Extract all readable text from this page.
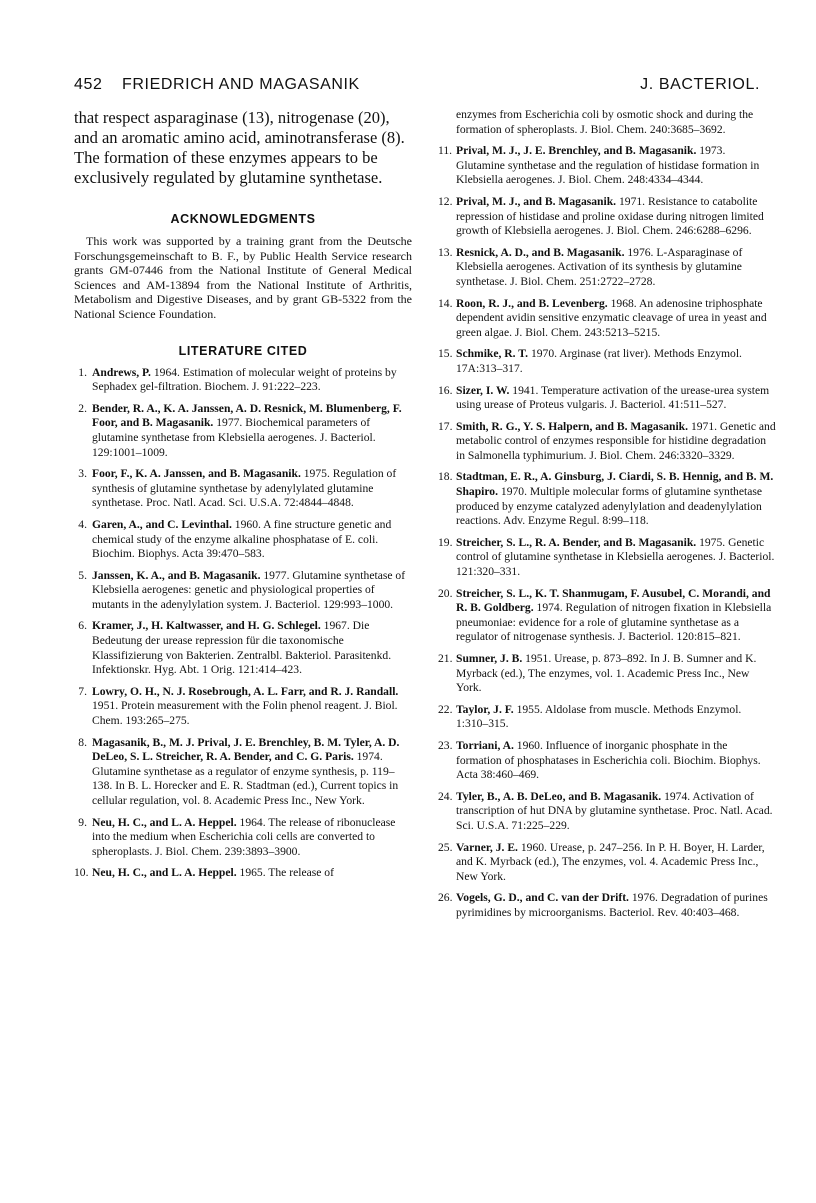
452 FRIEDRICH AND MAGASANIK	J. BACTERIOL.

that respect asparaginase (13), nitrogenase (20), and an aromatic amino acid, aminotransferase (8). The formation of these enzymes appears to be exclusively regulated by glutamine synthetase.

ACKNOWLEDGMENTS

This work was supported by a training grant from the Deutsche Forschungsgemeinschaft to B. F., by Public Health Service research grants GM-07446 from the National Institute of General Medical Sciences and AM-13894 from the National Institute of Arthritis, Metabolism and Digestive Diseases, and by grant GB-5322 from the National Science Foundation.

LITERATURE CITED
1. Andrews, P. 1964. Estimation of molecular weight of proteins by Sephadex gel-filtration. Biochem. J. 91:222–223.
2. Bender, R. A., K. A. Janssen, A. D. Resnick, M. Blumenberg, F. Foor, and B. Magasanik. 1977. Biochemical parameters of glutamine synthetase from Klebsiella aerogenes. J. Bacteriol. 129:1001–1009.
3. Foor, F., K. A. Janssen, and B. Magasanik. 1975. Regulation of synthesis of glutamine synthetase by adenylylated glutamine synthetase. Proc. Natl. Acad. Sci. U.S.A. 72:4844–4848.
4. Garen, A., and C. Levinthal. 1960. A fine structure genetic and chemical study of the enzyme alkaline phosphatase of E. coli. Biochim. Biophys. Acta 39:470–583.
5. Janssen, K. A., and B. Magasanik. 1977. Glutamine synthetase of Klebsiella aerogenes: genetic and physiological properties of mutants in the adenylylation system. J. Bacteriol. 129:993–1000.
6. Kramer, J., H. Kaltwasser, and H. G. Schlegel. 1967. Die Bedeutung der urease repression für die taxonomische Klassifizierung von Bakterien. Zentralbl. Bakteriol. Parasitenkd. Infektionskr. Hyg. Abt. 1 Orig. 121:414–423.
7. Lowry, O. H., N. J. Rosebrough, A. L. Farr, and R. J. Randall. 1951. Protein measurement with the Folin phenol reagent. J. Biol. Chem. 193:265–275.
8. Magasanik, B., M. J. Prival, J. E. Brenchley, B. M. Tyler, A. D. DeLeo, S. L. Streicher, R. A. Bender, and C. G. Paris. 1974. Glutamine synthetase as a regulator of enzyme synthesis, p. 119–138. In B. L. Horecker and E. R. Stadtman (ed.), Current topics in cellular regulation, vol. 8. Academic Press Inc., New York.
9. Neu, H. C., and L. A. Heppel. 1964. The release of ribonuclease into the medium when Escherichia coli cells are converted to spheroplasts. J. Biol. Chem. 239:3893–3900.
10. Neu, H. C., and L. A. Heppel. 1965. The release of

enzymes from Escherichia coli by osmotic shock and during the formation of spheroplasts. J. Biol. Chem. 240:3685–3692.

11. Prival, M. J., J. E. Brenchley, and B. Magasanik. 1973. Glutamine synthetase and the regulation of histidase formation in Klebsiella aerogenes. J. Biol. Chem. 248:4334–4344.
12. Prival, M. J., and B. Magasanik. 1971. Resistance to catabolite repression of histidase and proline oxidase during nitrogen limited growth of Klebsiella aerogenes. J. Biol. Chem. 246:6288–6296.
13. Resnick, A. D., and B. Magasanik. 1976. L-Asparaginase of Klebsiella aerogenes. Activation of its synthesis by glutamine synthetase. J. Biol. Chem. 251:2722–2728.
14. Roon, R. J., and B. Levenberg. 1968. An adenosine triphosphate dependent avidin sensitive enzymatic cleavage of urea in yeast and green algae. J. Biol. Chem. 243:5213–5215.
15. Schmike, R. T. 1970. Arginase (rat liver). Methods Enzymol. 17A:313–317.
16. Sizer, I. W. 1941. Temperature activation of the urease-urea system using urease of Proteus vulgaris. J. Bacteriol. 41:511–527.
17. Smith, R. G., Y. S. Halpern, and B. Magasanik. 1971. Genetic and metabolic control of enzymes responsible for histidine degradation in Salmonella typhimurium. J. Biol. Chem. 246:3320–3329.
18. Stadtman, E. R., A. Ginsburg, J. Ciardi, S. B. Hennig, and B. M. Shapiro. 1970. Multiple molecular forms of glutamine synthetase produced by enzyme catalyzed adenylylation and deadenylylation reactions. Adv. Enzyme Regul. 8:99–118.
19. Streicher, S. L., R. A. Bender, and B. Magasanik. 1975. Genetic control of glutamine synthetase in Klebsiella aerogenes. J. Bacteriol. 121:320–331.
20. Streicher, S. L., K. T. Shanmugam, F. Ausubel, C. Morandi, and R. B. Goldberg. 1974. Regulation of nitrogen fixation in Klebsiella pneumoniae: evidence for a role of glutamine synthetase as a regulator of nitrogenase synthesis. J. Bacteriol. 120:815–821.
21. Sumner, J. B. 1951. Urease, p. 873–892. In J. B. Sumner and K. Myrback (ed.), The enzymes, vol. 1. Academic Press Inc., New York.
22. Taylor, J. F. 1955. Aldolase from muscle. Methods Enzymol. 1:310–315.
23. Torriani, A. 1960. Influence of inorganic phosphate in the formation of phosphatases in Escherichia coli. Biochim. Biophys. Acta 38:460–469.
24. Tyler, B., A. B. DeLeo, and B. Magasanik. 1974. Activation of transcription of hut DNA by glutamine synthetase. Proc. Natl. Acad. Sci. U.S.A. 71:225–229.
25. Varner, J. E. 1960. Urease, p. 247–256. In P. H. Boyer, H. Larder, and K. Myrback (ed.), The enzymes, vol. 4. Academic Press Inc., New York.
26. Vogels, G. D., and C. van der Drift. 1976. Degradation of purines pyrimidines by microorganisms. Bacteriol. Rev. 40:403–468.
